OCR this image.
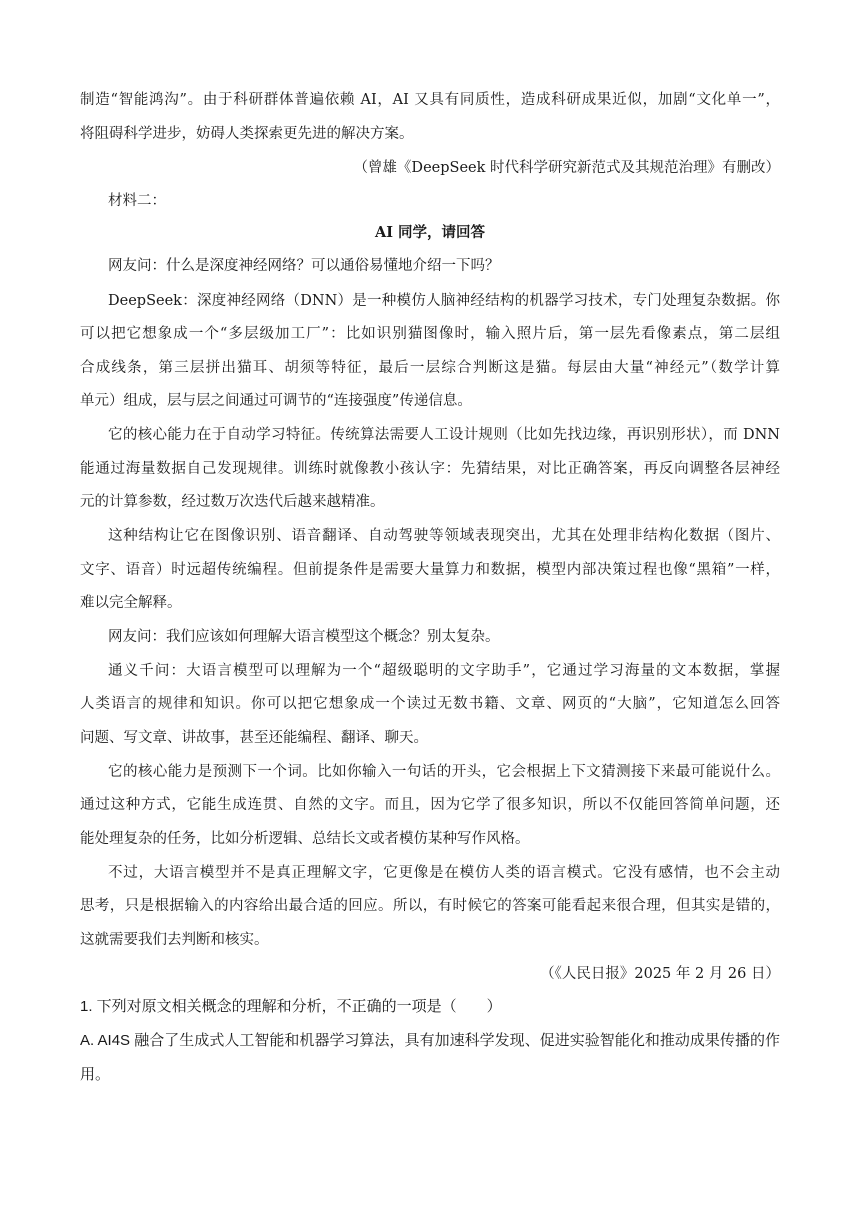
制造“智能鸿沟”。由于科研群体普遍依赖 AI，AI 又具有同质性，造成科研成果近似，加剧“文化单一”，
将阻碍科学进步，妨碍人类探索更先进的解决方案。
（曾雄《DeepSeek 时代科学研究新范式及其规范治理》有删改）
材料二：
AI 同学，请回答
网友问：什么是深度神经网络？可以通俗易懂地介绍一下吗？
DeepSeek：深度神经网络（DNN）是一种模仿人脑神经结构的机器学习技术，专门处理复杂数据。你
可以把它想象成一个“多层级加工厂”：比如识别猫图像时，输入照片后，第一层先看像素点，第二层组
合成线条，第三层拼出猫耳、胡须等特征，最后一层综合判断这是猫。每层由大量“神经元”（数学计算
单元）组成，层与层之间通过可调节的“连接强度”传递信息。
它的核心能力在于自动学习特征。传统算法需要人工设计规则（比如先找边缘，再识别形状），而 DNN
能通过海量数据自己发现规律。训练时就像教小孩认字：先猜结果，对比正确答案，再反向调整各层神经
元的计算参数，经过数万次迭代后越来越精准。
这种结构让它在图像识别、语音翻译、自动驾驶等领域表现突出，尤其在处理非结构化数据（图片、
文字、语音）时远超传统编程。但前提条件是需要大量算力和数据，模型内部决策过程也像“黑箱”一样，
难以完全解释。
网友问：我们应该如何理解大语言模型这个概念？别太复杂。
通义千问：大语言模型可以理解为一个“超级聪明的文字助手”，它通过学习海量的文本数据，掌握
人类语言的规律和知识。你可以把它想象成一个读过无数书籍、文章、网页的“大脑”，它知道怎么回答
问题、写文章、讲故事，甚至还能编程、翻译、聊天。
它的核心能力是预测下一个词。比如你输入一句话的开头，它会根据上下文猜测接下来最可能说什么。
通过这种方式，它能生成连贯、自然的文字。而且，因为它学了很多知识，所以不仅能回答简单问题，还
能处理复杂的任务，比如分析逻辑、总结长文或者模仿某种写作风格。
不过，大语言模型并不是真正理解文字，它更像是在模仿人类的语言模式。它没有感情，也不会主动
思考，只是根据输入的内容给出最合适的回应。所以，有时候它的答案可能看起来很合理，但其实是错的，
这就需要我们去判断和核实。
（《人民日报》2025 年 2 月 26 日）
1. 下列对原文相关概念的理解和分析，不正确的一项是（　　）
A. AI4S 融合了生成式人工智能和机器学习算法，具有加速科学发现、促进实验智能化和推动成果传播的作
用。
